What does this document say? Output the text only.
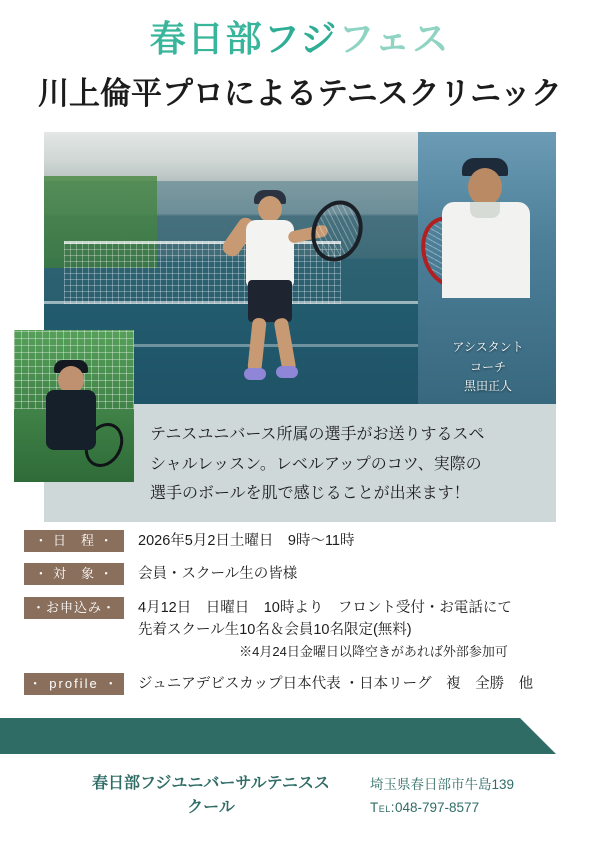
春日部フジフェス
川上倫平プロによるテニスクリニック
アシスタント
コーチ
黒田正人
テニスユニバース所属の選手がお送りするスペ
シャルレッスン。レベルアップのコツ、実際の
選手のボールを肌で感じることが出来ます！
・ 日　程 ・	2026年5月2日土曜日　9時〜11時
・ 対　象 ・	会員・スクール生の皆様
・お申込み・	4月12日　日曜日　10時より　フロント受付・お電話にて
先着スクール生10名＆会員10名限定(無料)
※4月24日金曜日以降空きがあれば外部参加可
・ profile ・	ジュニアデビスカップ日本代表 ・日本リーグ　複　全勝　他
春日部フジユニバーサルテニススクール
埼玉県春日部市牛島139
Tel:048-797-8577
